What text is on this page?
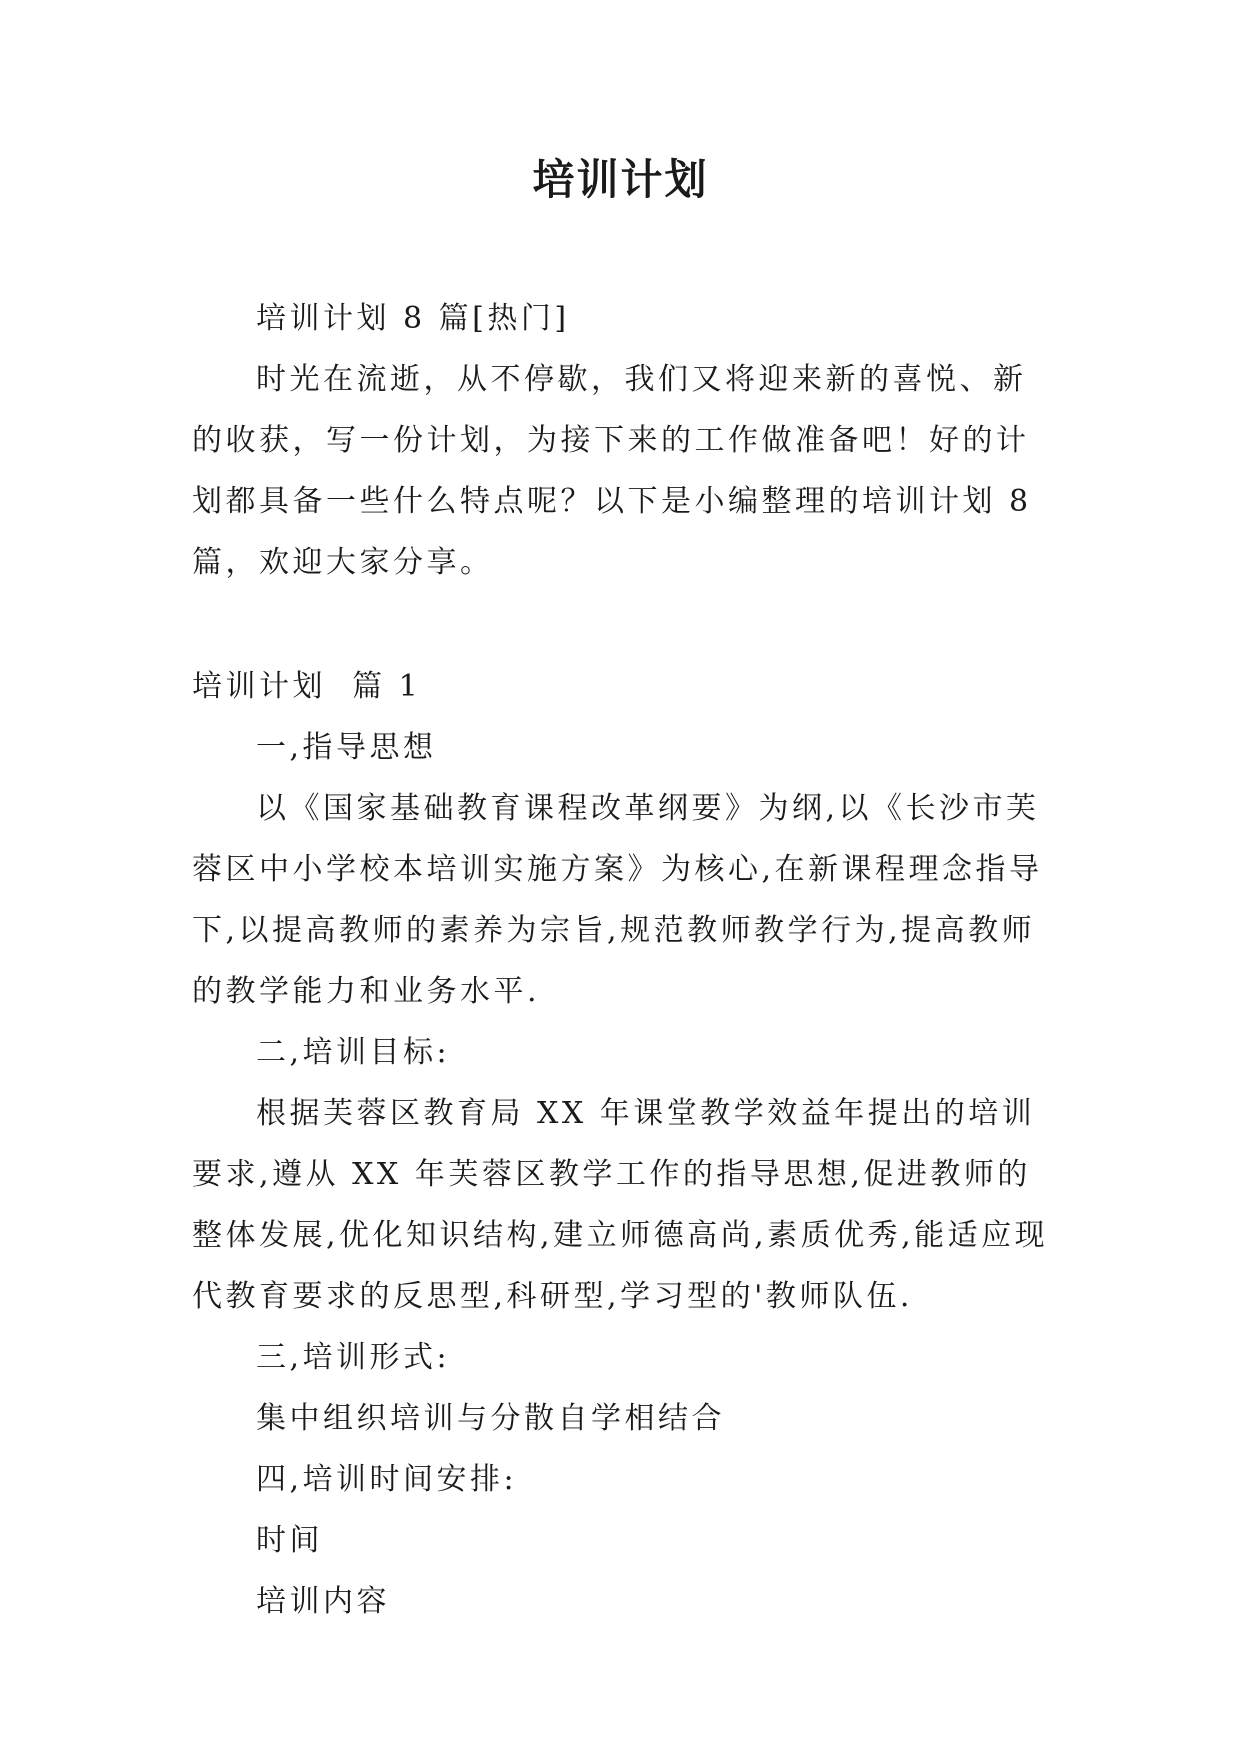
培训计划

培训计划 8 篇[热门]

时光在流逝，从不停歇，我们又将迎来新的喜悦、新的收获，写一份计划，为接下来的工作做准备吧！好的计划都具备一些什么特点呢？以下是小编整理的培训计划 8 篇，欢迎大家分享。

培训计划  篇 1

一,指导思想

以《国家基础教育课程改革纲要》为纲,以《长沙市芙蓉区中小学校本培训实施方案》为核心,在新课程理念指导下,以提高教师的素养为宗旨,规范教师教学行为,提高教师的教学能力和业务水平.

二,培训目标:

根据芙蓉区教育局 XX 年课堂教学效益年提出的培训要求,遵从 XX 年芙蓉区教学工作的指导思想,促进教师的整体发展,优化知识结构,建立师德高尚,素质优秀,能适应现代教育要求的反思型,科研型,学习型的'教师队伍.

三,培训形式:

集中组织培训与分散自学相结合

四,培训时间安排:

时间

培训内容
